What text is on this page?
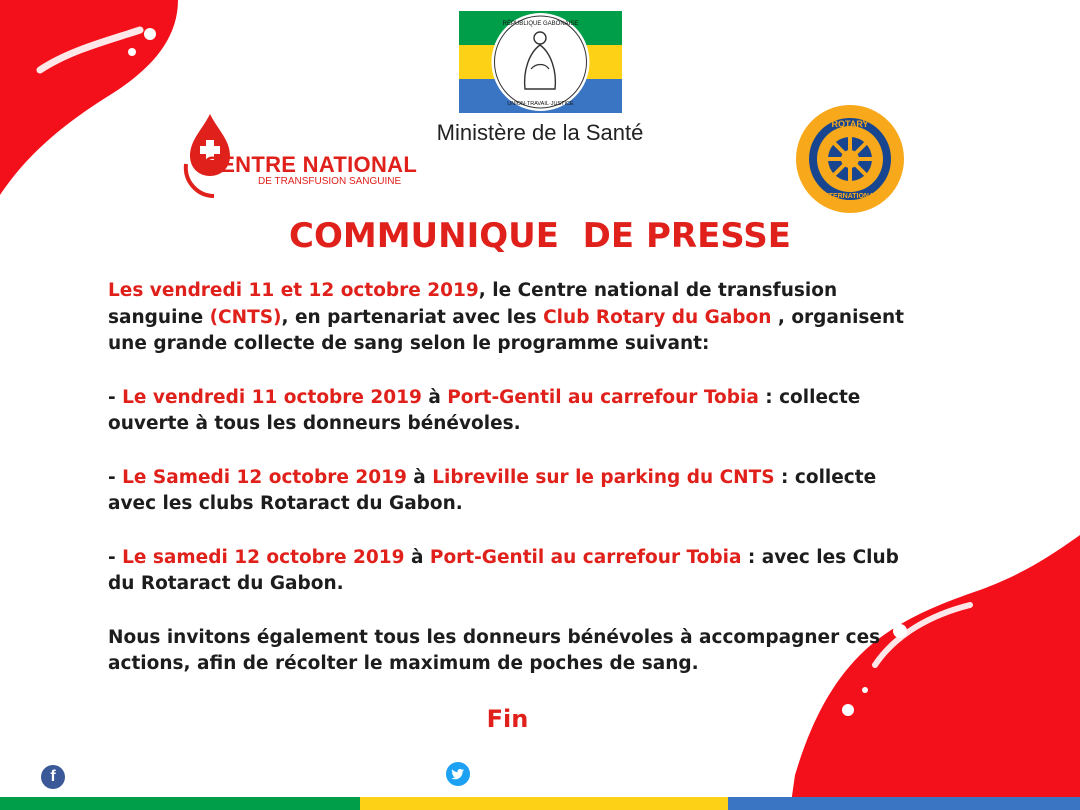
RÉPUBLIQUE GABONAISE
UNION·TRAVAIL·JUSTICE
Ministère de la Santé
CENTRE NATIONAL
DE TRANSFUSION SANGUINE
ROTARY
INTERNATIONAL
COMMUNIQUE  DE PRESSE

Les vendredi 11 et 12 octobre 2019, le Centre national de transfusion sanguine (CNTS), en partenariat avec les Club Rotary du Gabon , organisent une grande collecte de sang selon le programme suivant:

- Le vendredi 11 octobre 2019 à Port-Gentil au carrefour Tobia : collecte ouverte à tous les donneurs bénévoles.

- Le Samedi 12 octobre 2019 à Libreville sur le parking du CNTS : collecte avec les clubs Rotaract du Gabon.

- Le samedi 12 octobre 2019 à Port-Gentil au carrefour Tobia : avec les Club du Rotaract du Gabon.

Nous invitons également tous les donneurs bénévoles à accompagner ces actions, afin de récolter le maximum de poches de sang.

Fin
f
